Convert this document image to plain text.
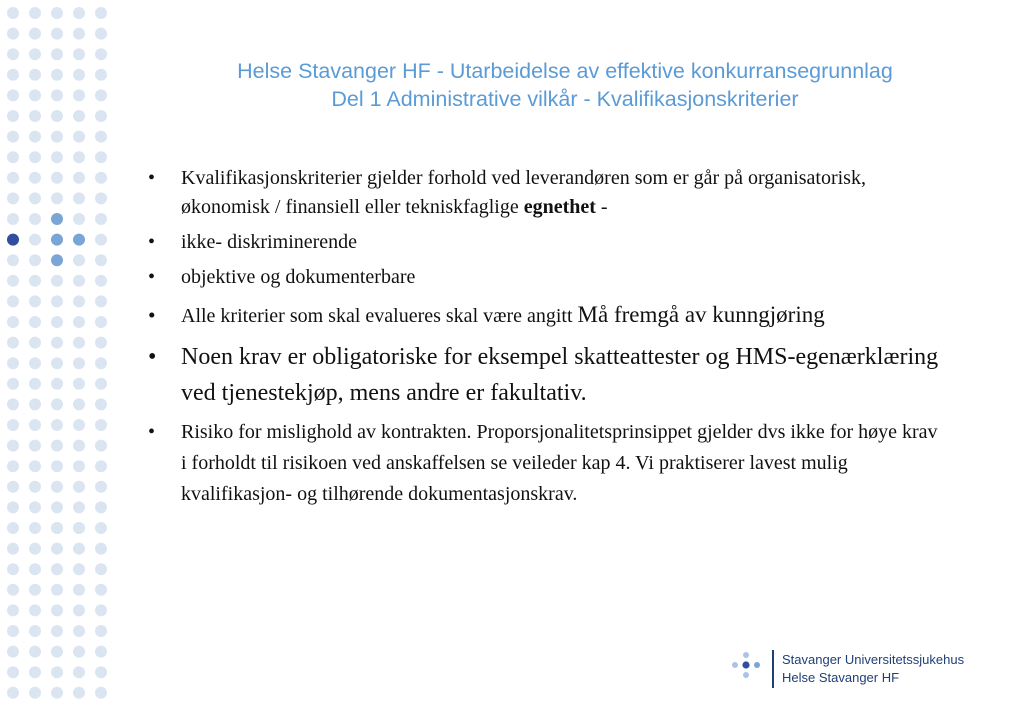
Helse Stavanger HF - Utarbeidelse av effektive konkurransegrunnlag
Del 1 Administrative vilkår - Kvalifikasjonskriterier
• Kvalifikasjonskriterier gjelder forhold ved leverandøren som er går på organisatorisk, økonomisk / finansiell eller tekniskfaglige egnethet -
• ikke- diskriminerende
• objektive og dokumenterbare
• Alle kriterier som skal evalueres skal være angitt Må fremgå av kunngjøring
• Noen krav er obligatoriske for eksempel skatteattester og HMS-egenærklæring ved tjenestekjøp, mens andre er fakultativ.
• Risiko for mislighold av kontrakten. Proporsjonalitetsprinsippet gjelder dvs ikke for høye krav i forholdt til risikoen ved anskaffelsen se veileder kap 4. Vi praktiserer lavest mulig kvalifikasjon- og tilhørende dokumentasjonskrav.
Stavanger Universitetssjukehus
Helse Stavanger HF
